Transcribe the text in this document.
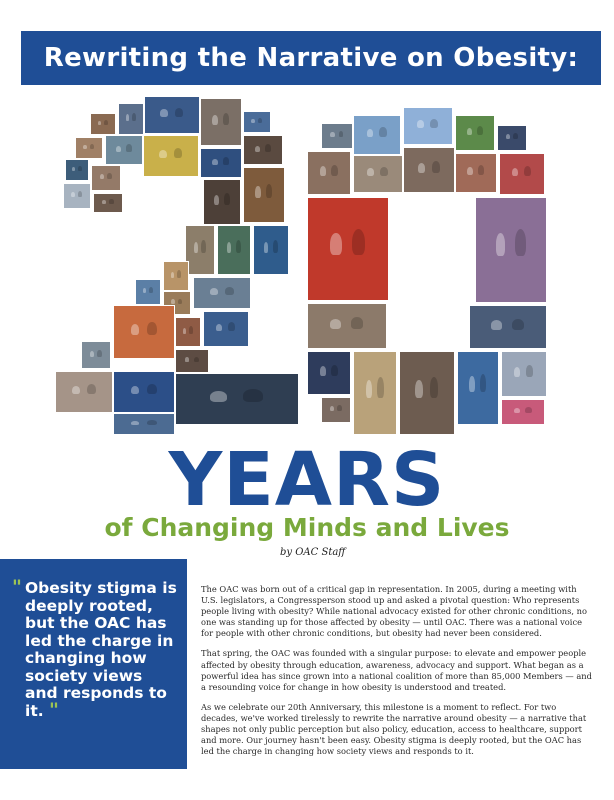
Rewriting the Narrative on Obesity:
YEARS
of Changing Minds and Lives
by OAC Staff
" Obesity stigma is deeply rooted, but the OAC has led the charge in changing how society views and responds to it. "

The OAC was born out of a critical gap in representation. In 2005, during a meeting with U.S. legislators, a Congressperson stood up and asked a pivotal question: Who represents people living with obesity? While national advocacy existed for other chronic conditions, no one was standing up for those affected by obesity — until OAC. There was a national voice for people with other chronic conditions, but obesity had never been considered.

That spring, the OAC was founded with a singular purpose: to elevate and empower people affected by obesity through education, awareness, advocacy and support. What began as a powerful idea has since grown into a national coalition of more than 85,000 Members — and a resounding voice for change in how obesity is understood and treated.

As we celebrate our 20th Anniversary, this milestone is a moment to reflect. For two decades, we've worked tirelessly to rewrite the narrative around obesity — a narrative that shapes not only public perception but also policy, education, access to healthcare, support and more. Our journey hasn't been easy. Obesity stigma is deeply rooted, but the OAC has led the charge in changing how society views and responds to it.
